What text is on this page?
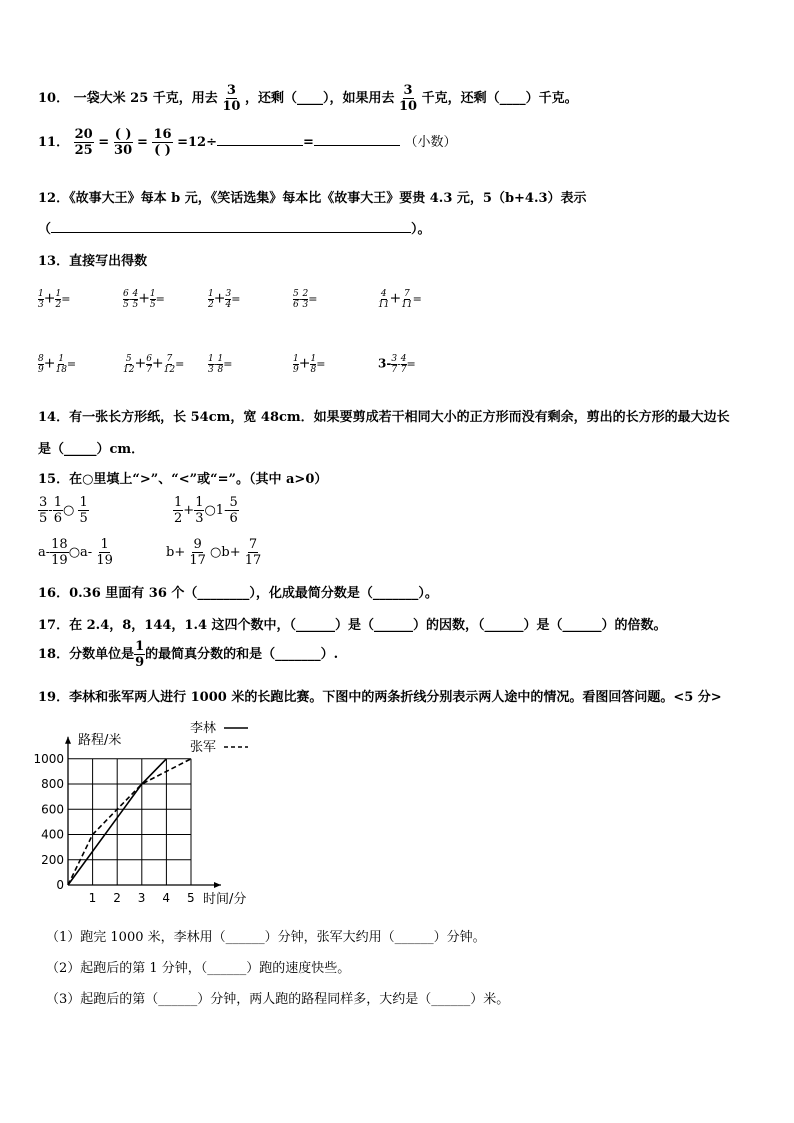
10． 一袋大米 25 千克，用去 $\frac{3}{10}$ ，还剩（____），如果用去 $\frac{3}{10}$ 千克，还剩（____）千克。
11． $\frac{20}{25} = \frac{( )}{30} = \frac{16}{( )} =12\div$	=	（小数）
12．《故事大王》每本 b 元，《笑话选集》每本比《故事大王》要贵 4.3 元，5（b+4.3）表示
（	）。
13．直接写出得数
$\frac{1}{3} + \frac{1}{2}$ =	$\frac{6}{5} - \frac{4}{5} + \frac{1}{5}$ =	$\frac{1}{2} + \frac{3}{4}$ =	$\frac{5}{6} - \frac{2}{3}$ =	$\frac{4}{11} + \frac{7}{11}$ =
$\frac{8}{9} + \frac{1}{18}$ =	$\frac{5}{12} + \frac{6}{7} + \frac{7}{12}$ =	$\frac{1}{3} - \frac{1}{8}$ =	$\frac{1}{9} + \frac{1}{8}$ =	$3- \frac{3}{7} - \frac{4}{7}$ =
14．有一张长方形纸，长 54cm，宽 48cm．如果要剪成若干相同大小的正方形而没有剩余，剪出的长方形的最大边长
是（_____）cm．
15．在○里填上“>”、“<”或“=”。（其中 a>0）
$\frac{3}{5} - \frac{1}{6}$ ○ $\frac{1}{5}$	$\frac{1}{2} + \frac{1}{3}$ ○1- $\frac{5}{6}$
$a- \frac{18}{19}$ ○a- $\frac{1}{19}$	$b+ \frac{9}{17}$ ○b+ $\frac{7}{17}$
16．0.36 里面有 36 个（________），化成最简分数是（_______）。
17．在 2.4，8，144，1.4 这四个数中，（______）是（______）的因数，（______）是（______）的倍数。
18．分数单位是 $\frac{1}{9}$ 的最简真分数的和是（_______）.
19．李林和张军两人进行 1000 米的长跑比赛。下图中的两条折线分别表示两人途中的情况。看图回答问题。<5 分>
1 2 3 4 5
0
200
400
600
800
1000
路程/米
时间/分
李林
张军
（1）跑完 1000 米，李林用（______）分钟，张军大约用（______）分钟。
（2）起跑后的第 1 分钟，（______）跑的速度快些。
（3）起跑后的第（______）分钟，两人跑的路程同样多，大约是（______）米。
